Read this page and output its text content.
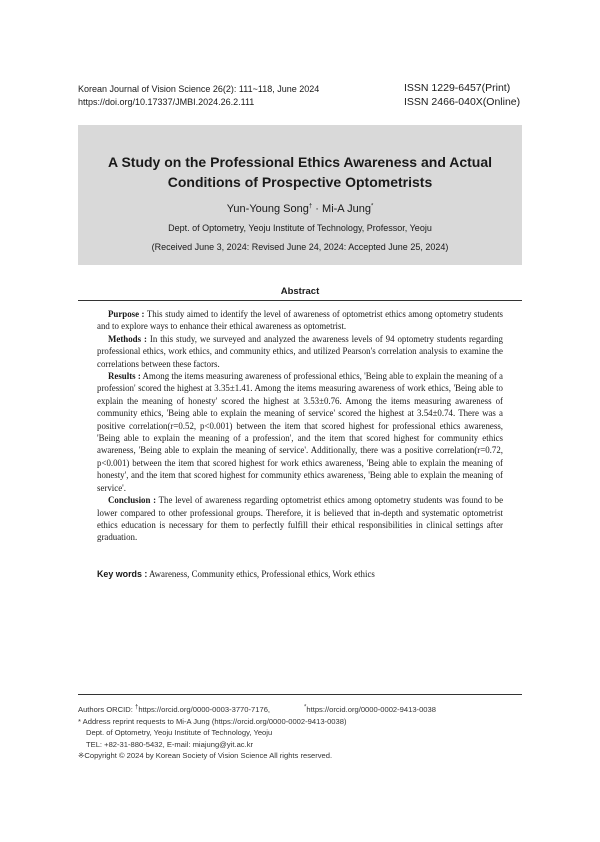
Korean Journal of Vision Science 26(2): 111~118, June 2024
https://doi.org/10.17337/JMBI.2024.26.2.111
ISSN 1229-6457(Print)
ISSN 2466-040X(Online)
A Study on the Professional Ethics Awareness and Actual
Conditions of Prospective Optometrists
Yun-Young Song† · Mi-A Jung*
Dept. of Optometry, Yeoju Institute of Technology, Professor, Yeoju
(Received June 3, 2024: Revised June 24, 2024: Accepted June 25, 2024)
Abstract

Purpose : This study aimed to identify the level of awareness of optometrist ethics among optometry students and to explore ways to enhance their ethical awareness as optometrist.

Methods : In this study, we surveyed and analyzed the awareness levels of 94 optometry students regarding professional ethics, work ethics, and community ethics, and utilized Pearson's correlation analysis to examine the correlations between these factors.

Results : Among the items measuring awareness of professional ethics, 'Being able to explain the meaning of a profession' scored the highest at 3.35±1.41. Among the items measuring awareness of work ethics, 'Being able to explain the meaning of honesty' scored the highest at 3.53±0.76. Among the items measuring awareness of community ethics, 'Being able to explain the meaning of service' scored the highest at 3.54±0.74. There was a positive correlation(r=0.52, p<0.001) between the item that scored highest for professional ethics awareness, 'Being able to explain the meaning of a profession', and the item that scored highest for community ethics awareness, 'Being able to explain the meaning of service'. Additionally, there was a positive correlation(r=0.72, p<0.001) between the item that scored highest for work ethics awareness, 'Being able to explain the meaning of honesty', and the item that scored highest for community ethics awareness, 'Being able to explain the meaning of service'.

Conclusion : The level of awareness regarding optometrist ethics among optometry students was found to be lower compared to other professional groups. Therefore, it is believed that in-depth and systematic optometrist ethics education is necessary for them to perfectly fulfill their ethical responsibilities in clinical settings after graduation.

Key words : Awareness, Community ethics, Professional ethics, Work ethics
Authors ORCID: †https://orcid.org/0000-0003-3770-7176,	*https://orcid.org/0000-0002-9413-0038
* Address reprint requests to Mi-A Jung (https://orcid.org/0000-0002-9413-0038)
Dept. of Optometry, Yeoju Institute of Technology, Yeoju
TEL: +82-31-880-5432, E-mail: miajung@yit.ac.kr
※Copyright © 2024 by Korean Society of Vision Science All rights reserved.
